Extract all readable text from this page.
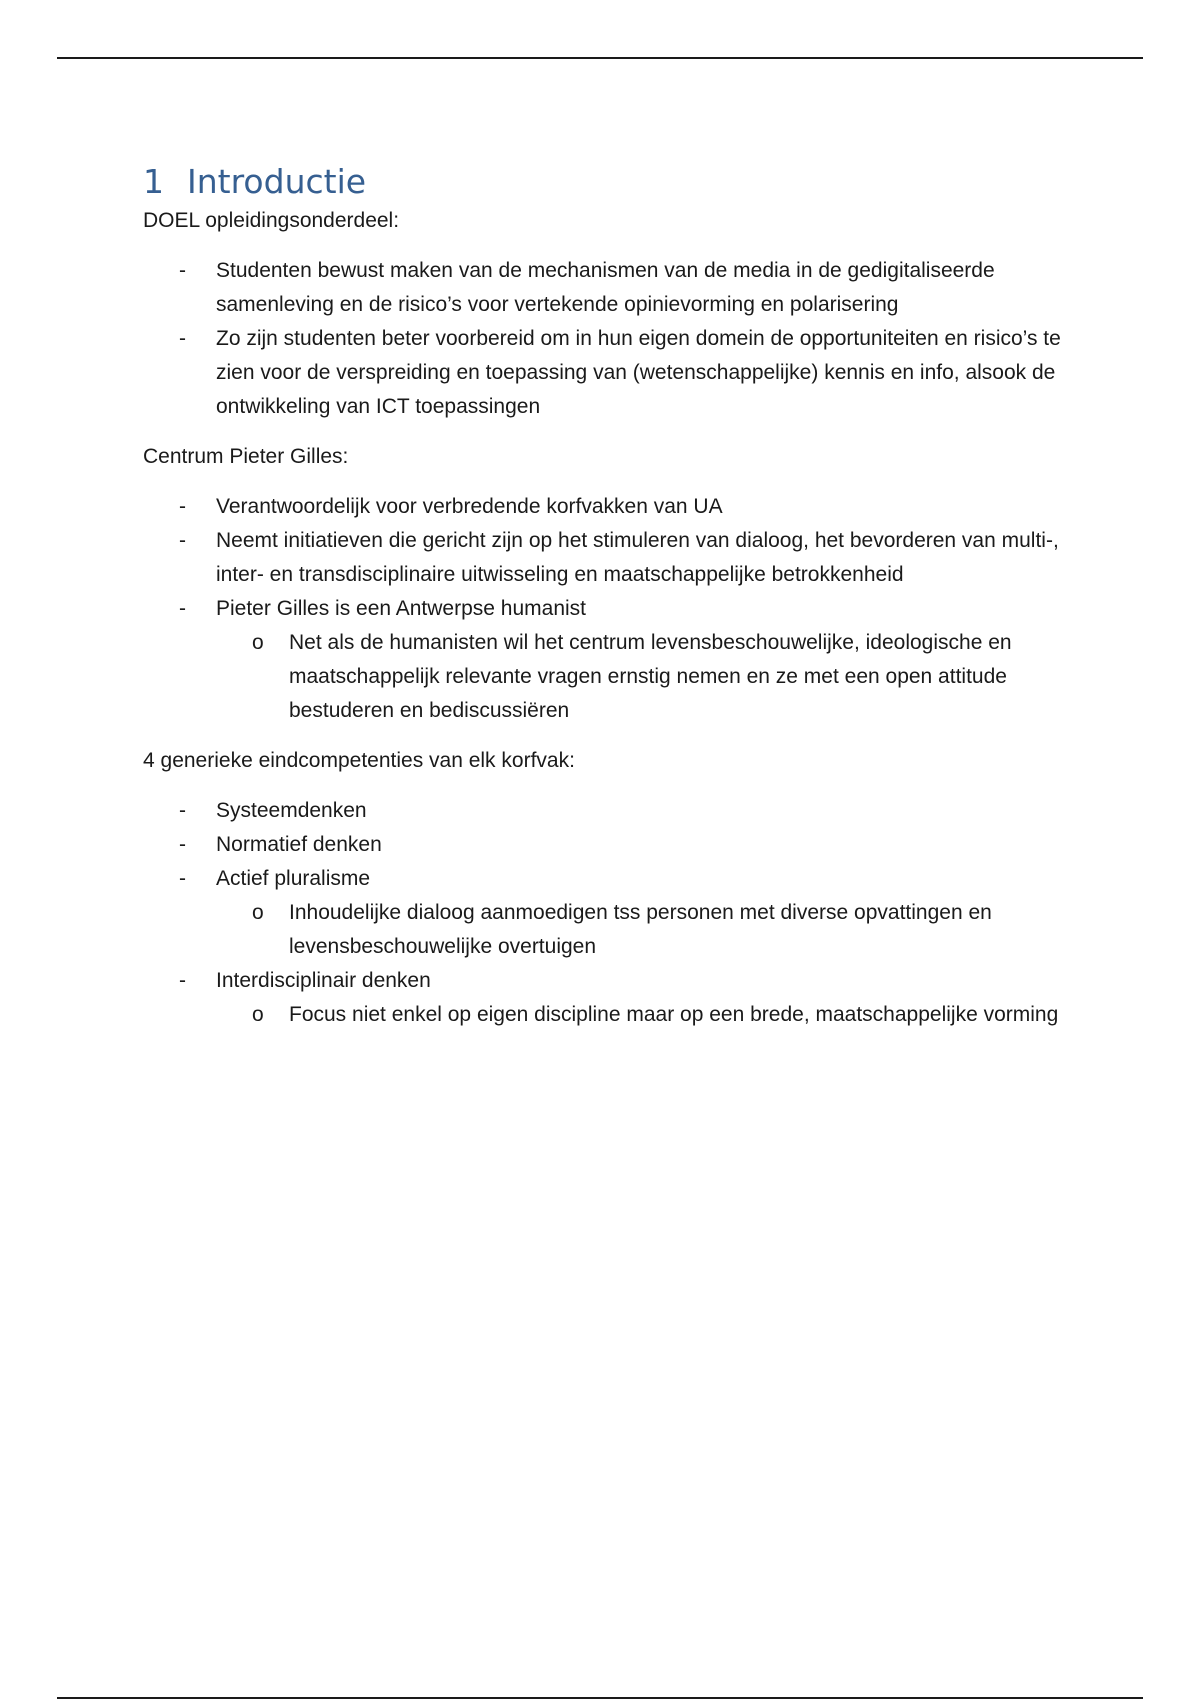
1 Introductie

DOEL opleidingsonderdeel:

- Studenten bewust maken van de mechanismen van de media in de gedigitaliseerde samenleving en de risico’s voor vertekende opinievorming en polarisering
- Zo zijn studenten beter voorbereid om in hun eigen domein de opportuniteiten en risico’s te zien voor de verspreiding en toepassing van (wetenschappelijke) kennis en info, alsook de ontwikkeling van ICT toepassingen

Centrum Pieter Gilles:

- Verantwoordelijk voor verbredende korfvakken van UA
- Neemt initiatieven die gericht zijn op het stimuleren van dialoog, het bevorderen van multi-, inter- en transdisciplinaire uitwisseling en maatschappelijke betrokkenheid
- Pieter Gilles is een Antwerpse humanist
o Net als de humanisten wil het centrum levensbeschouwelijke, ideologische en maatschappelijk relevante vragen ernstig nemen en ze met een open attitude bestuderen en bediscussiëren

4 generieke eindcompetenties van elk korfvak:

- Systeemdenken
- Normatief denken
- Actief pluralisme
o Inhoudelijke dialoog aanmoedigen tss personen met diverse opvattingen en levensbeschouwelijke overtuigen
- Interdisciplinair denken
o Focus niet enkel op eigen discipline maar op een brede, maatschappelijke vorming
